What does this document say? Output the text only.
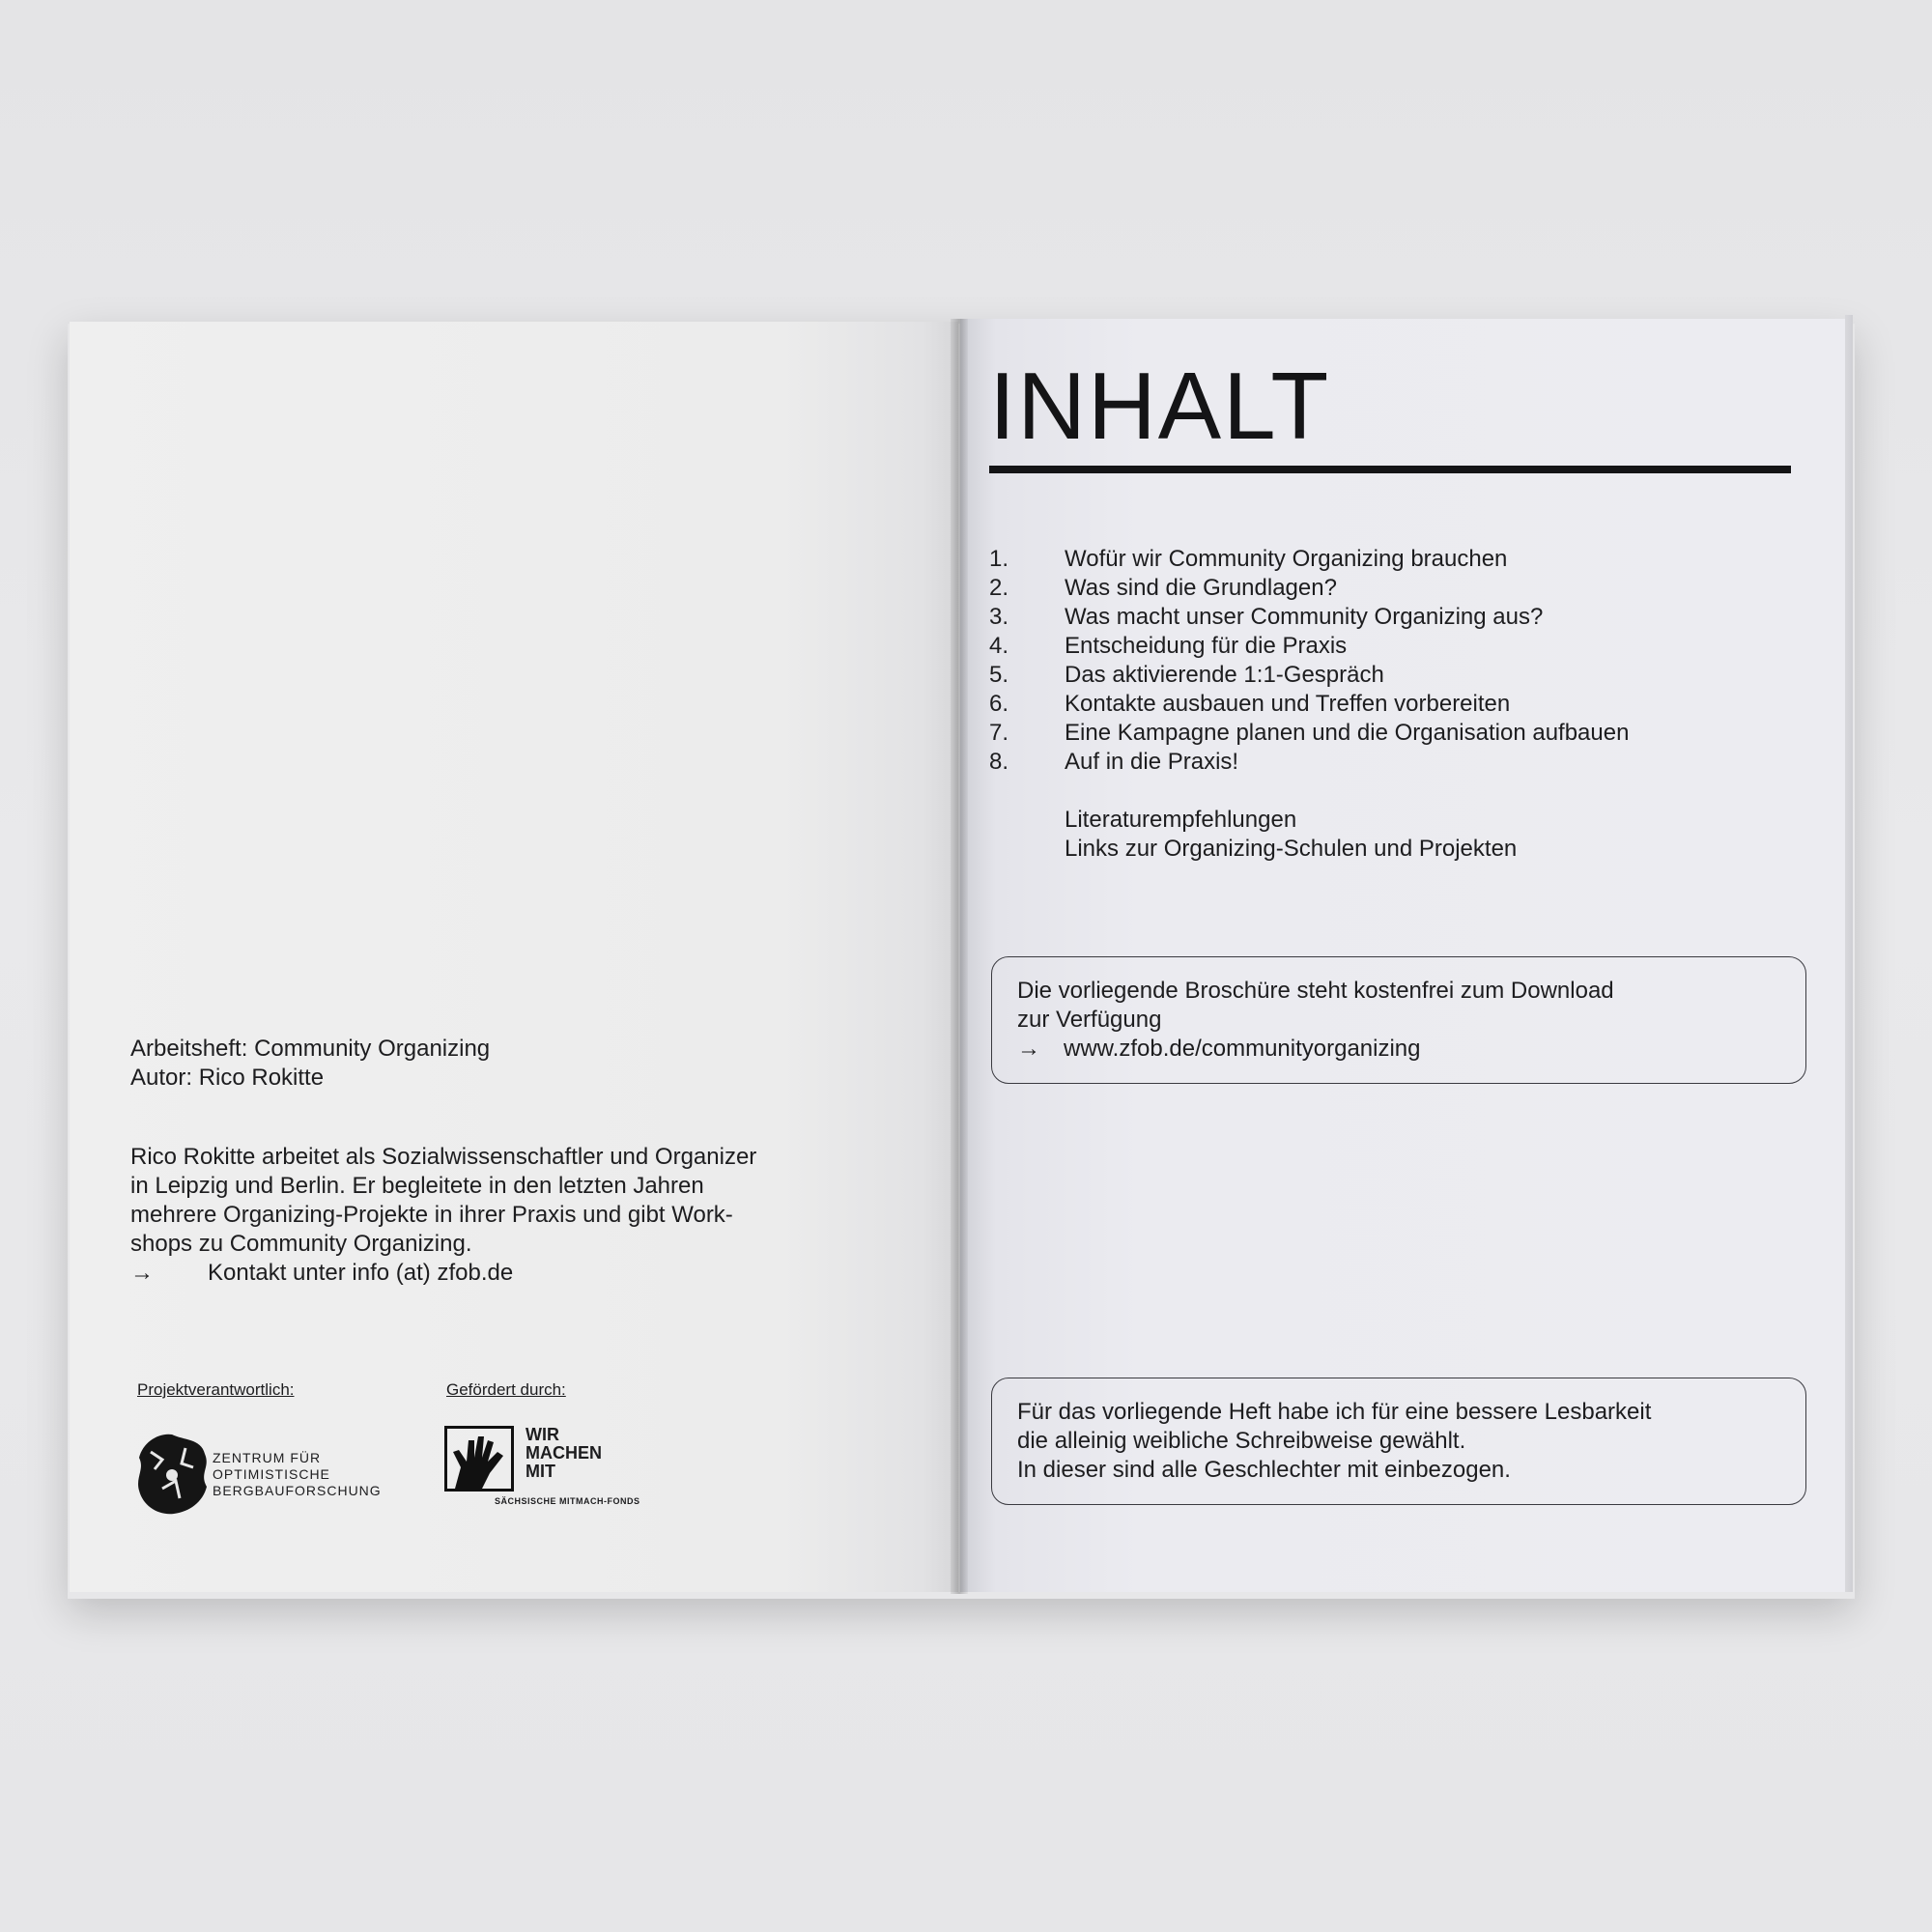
Arbeitsheft: Community Organizing
Autor: Rico Rokitte
Rico Rokitte arbeitet als Sozialwissenschaftler und Organizer
in Leipzig und Berlin. Er begleitete in den letzten Jahren
mehrere Organizing-Projekte in ihrer Praxis und gibt Work-
shops zu Community Organizing.
→	Kontakt unter info (at) zfob.de
Projektverantwortlich:	Gefördert durch:
ZENTRUM FÜR
OPTIMISTISCHE
BERGBAUFORSCHUNG
WIR
MACHEN
MIT
SÄCHSISCHE MITMACH-FONDS
INHALT
1.	Wofür wir Community Organizing brauchen
2.	Was sind die Grundlagen?
3.	Was macht unser Community Organizing aus?
4.	Entscheidung für die Praxis
5.	Das aktivierende 1:1-Gespräch
6.	Kontakte ausbauen und Treffen vorbereiten
7.	Eine Kampagne planen und die Organisation aufbauen
8.	Auf in die Praxis!
Literaturempfehlungen
Links zur Organizing-Schulen und Projekten
Die vorliegende Broschüre steht kostenfrei zum Download
zur Verfügung
→	www.zfob.de/communityorganizing
Für das vorliegende Heft habe ich für eine bessere Lesbarkeit
die alleinig weibliche Schreibweise gewählt.
In dieser sind alle Geschlechter mit einbezogen.
